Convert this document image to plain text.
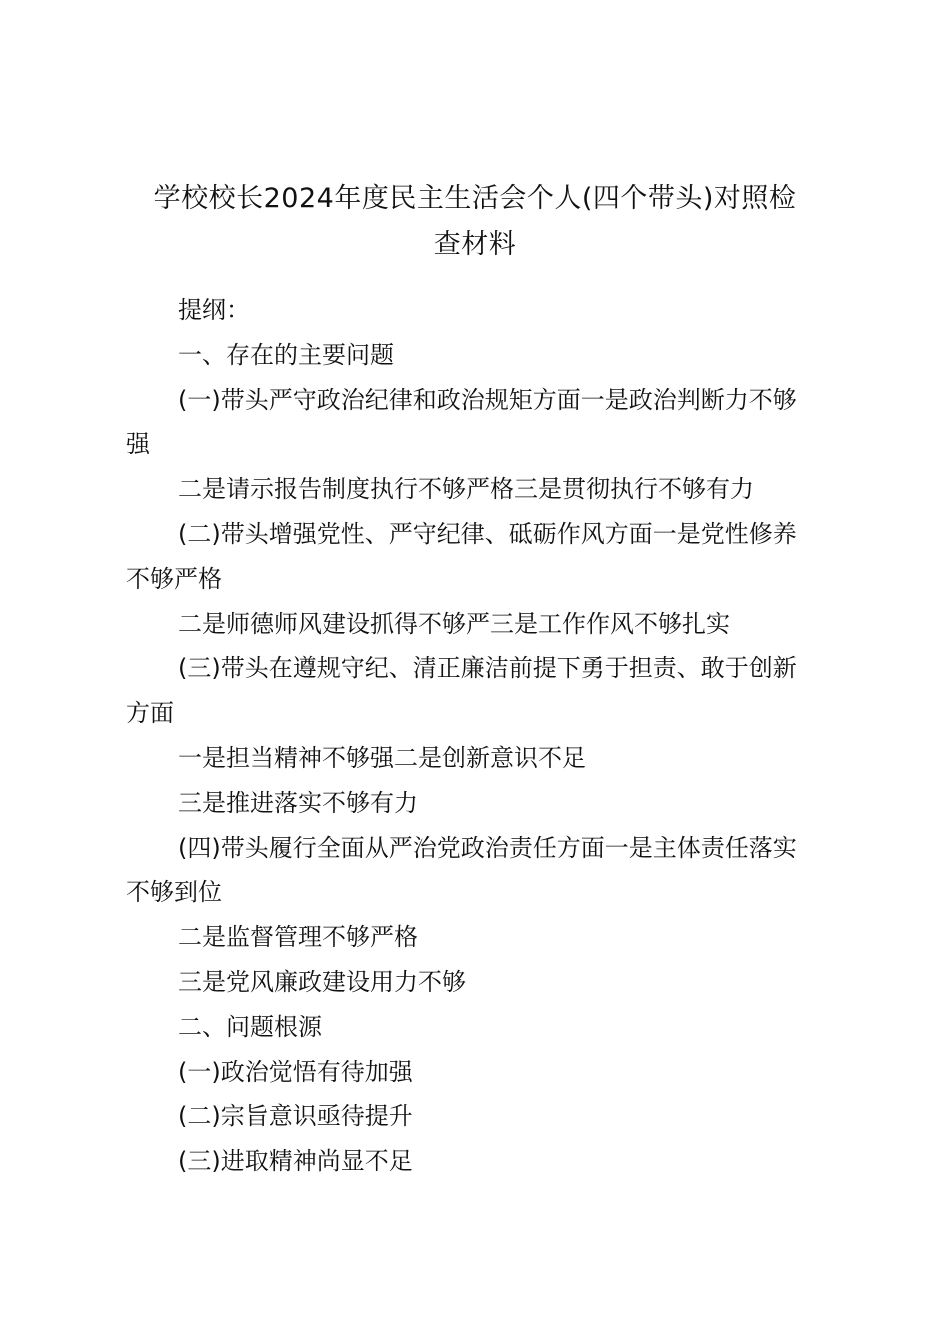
学校校长2024年度民主生活会个人(四个带头)对照检
查材料

提纲：

一、存在的主要问题

(一)带头严守政治纪律和政治规矩方面一是政治判断力不够
强

二是请示报告制度执行不够严格三是贯彻执行不够有力

(二)带头增强党性、严守纪律、砥砺作风方面一是党性修养
不够严格

二是师德师风建设抓得不够严三是工作作风不够扎实

(三)带头在遵规守纪、清正廉洁前提下勇于担责、敢于创新
方面

一是担当精神不够强二是创新意识不足

三是推进落实不够有力

(四)带头履行全面从严治党政治责任方面一是主体责任落实
不够到位

二是监督管理不够严格

三是党风廉政建设用力不够

二、问题根源

(一)政治觉悟有待加强

(二)宗旨意识亟待提升

(三)进取精神尚显不足
